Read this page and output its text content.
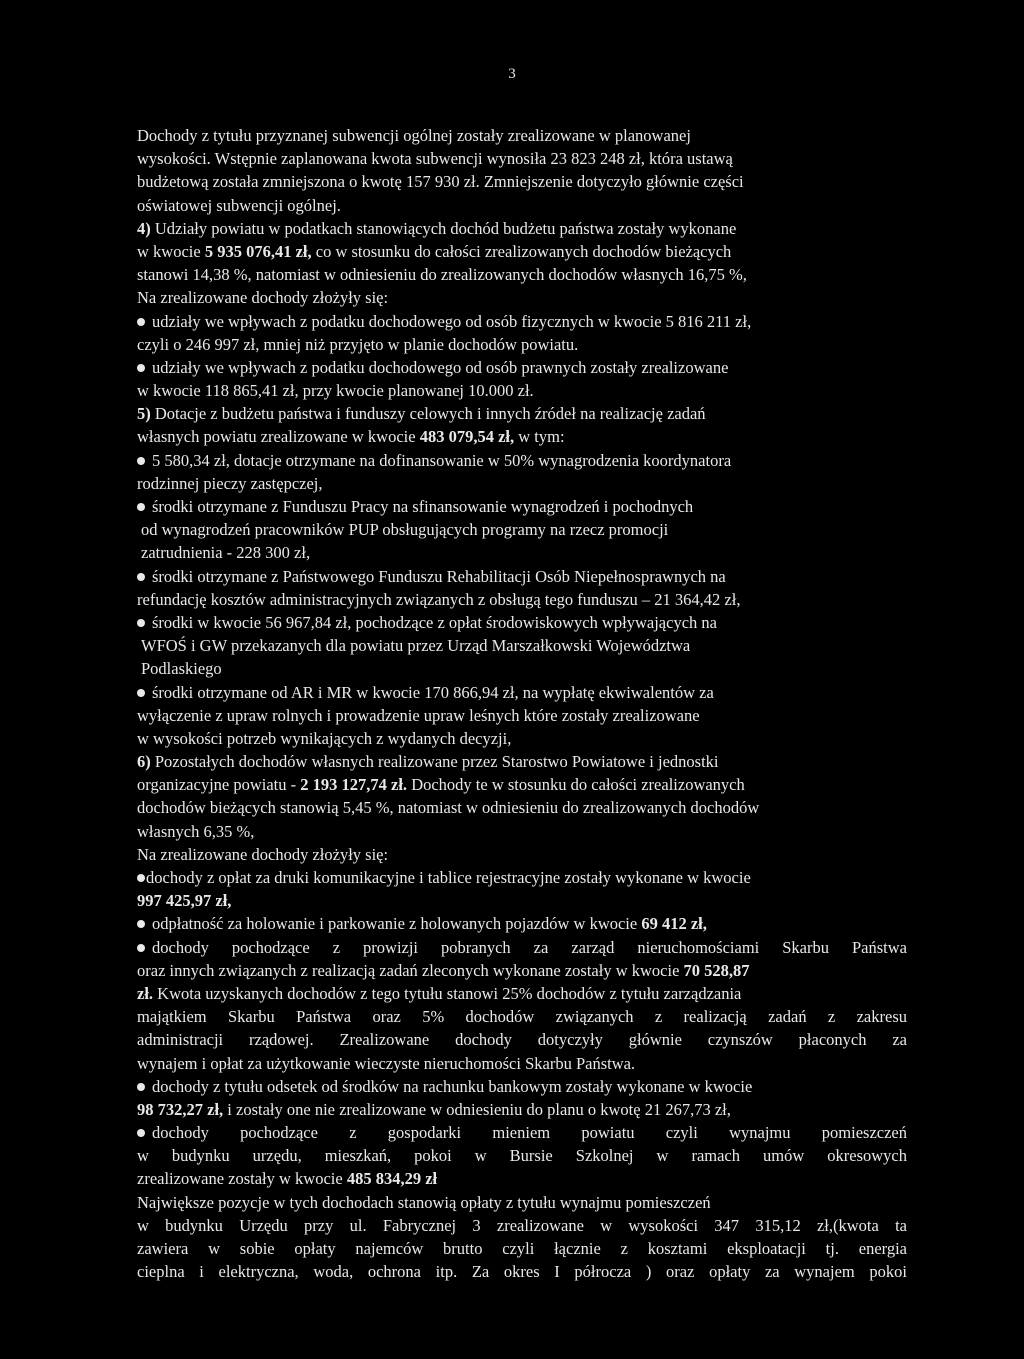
3
Dochody z tytułu przyznanej subwencji ogólnej zostały zrealizowane w planowanej
wysokości. Wstępnie zaplanowana kwota subwencji wynosiła 23 823 248 zł, która ustawą
budżetową została zmniejszona o kwotę 157 930 zł. Zmniejszenie dotyczyło głównie części
oświatowej subwencji ogólnej.
4) Udziały powiatu w podatkach stanowiących dochód budżetu państwa zostały wykonane
w kwocie 5 935 076,41 zł, co w stosunku do całości zrealizowanych dochodów bieżących
stanowi 14,38 %, natomiast w odniesieniu do zrealizowanych dochodów własnych 16,75 %,
Na zrealizowane dochody złożyły się:
udziały we wpływach z podatku dochodowego od osób fizycznych w kwocie 5 816 211 zł,
czyli o 246 997 zł, mniej niż przyjęto w planie dochodów powiatu.
udziały we wpływach z podatku dochodowego od osób prawnych zostały zrealizowane
w kwocie 118 865,41 zł, przy kwocie planowanej 10.000 zł.
5) Dotacje z budżetu państwa i funduszy celowych i innych źródeł na realizację zadań
własnych powiatu zrealizowane w kwocie 483 079,54 zł, w tym:
5 580,34 zł, dotacje otrzymane na dofinansowanie w 50% wynagrodzenia koordynatora
rodzinnej pieczy zastępczej,
środki otrzymane z Funduszu Pracy na sfinansowanie wynagrodzeń i pochodnych
od wynagrodzeń pracowników PUP obsługujących programy na rzecz promocji
zatrudnienia - 228 300 zł,
środki otrzymane z Państwowego Funduszu Rehabilitacji Osób Niepełnosprawnych na
refundację kosztów administracyjnych związanych z obsługą tego funduszu – 21 364,42 zł,
środki w kwocie 56 967,84 zł, pochodzące z opłat środowiskowych wpływających na
WFOŚ i GW przekazanych dla powiatu przez Urząd Marszałkowski Województwa
Podlaskiego
środki otrzymane od AR i MR w kwocie 170 866,94 zł, na wypłatę ekwiwalentów za
wyłączenie z upraw rolnych i prowadzenie upraw leśnych które zostały zrealizowane
w wysokości potrzeb wynikających z wydanych decyzji,
6) Pozostałych dochodów własnych realizowane przez Starostwo Powiatowe i jednostki
organizacyjne powiatu - 2 193 127,74 zł. Dochody te w stosunku do całości zrealizowanych
dochodów bieżących stanowią 5,45 %, natomiast w odniesieniu do zrealizowanych dochodów
własnych 6,35 %,
Na zrealizowane dochody złożyły się:
dochody z opłat za druki komunikacyjne i tablice rejestracyjne zostały wykonane w kwocie
997 425,97 zł,
odpłatność za holowanie i parkowanie z holowanych pojazdów w kwocie 69 412 zł,
dochody pochodzące z prowizji pobranych za zarząd nieruchomościami Skarbu Państwa
oraz innych związanych z realizacją zadań zleconych wykonane zostały w kwocie 70 528,87
zł. Kwota uzyskanych dochodów z tego tytułu stanowi 25% dochodów z tytułu zarządzania
majątkiem Skarbu Państwa oraz 5% dochodów związanych z realizacją zadań z zakresu
administracji rządowej. Zrealizowane dochody dotyczyły głównie czynszów płaconych za
wynajem i opłat za użytkowanie wieczyste nieruchomości Skarbu Państwa.
dochody z tytułu odsetek od środków na rachunku bankowym zostały wykonane w kwocie
98 732,27 zł, i zostały one nie zrealizowane w odniesieniu do planu o kwotę 21 267,73 zł,
dochody pochodzące z gospodarki mieniem powiatu czyli wynajmu pomieszczeń
w budynku urzędu, mieszkań, pokoi w Bursie Szkolnej w ramach umów okresowych
zrealizowane zostały w kwocie 485 834,29 zł
Największe pozycje w tych dochodach stanowią opłaty z tytułu wynajmu pomieszczeń
w budynku Urzędu przy ul. Fabrycznej 3 zrealizowane w wysokości 347 315,12 zł,(kwota ta
zawiera w sobie opłaty najemców brutto czyli łącznie z kosztami eksploatacji tj. energia
cieplna i elektryczna, woda, ochrona itp. Za okres I półrocza ) oraz opłaty za wynajem pokoi
